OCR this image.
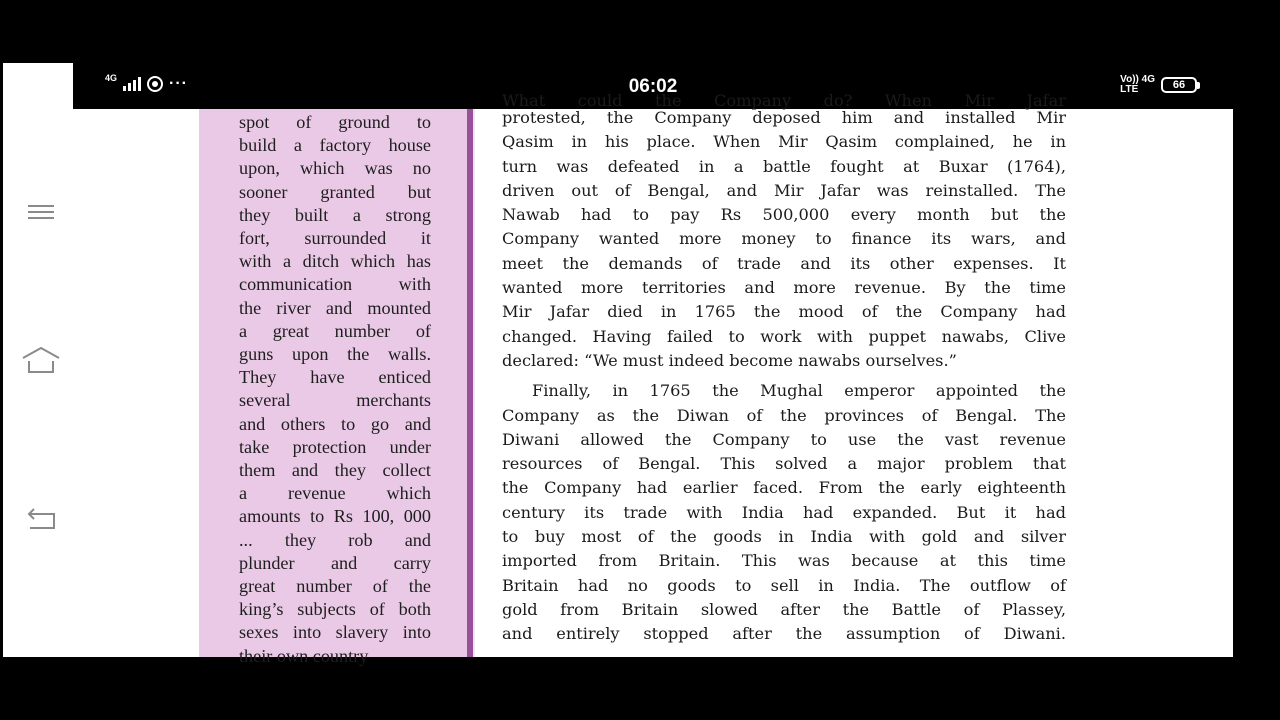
4G	···	06:02	Vo)) 4G
LTE	66
spot of ground to
build a factory house
upon, which was no
sooner granted but
they built a strong
fort, surrounded it
with a ditch which has
communication with
the river and mounted
a great number of
guns upon the walls.
They have enticed
several merchants
and others to go and
take protection under
them and they collect
a revenue which
amounts to Rs 100, 000
... they rob and
plunder and carry
great number of the
king’s subjects of both
sexes into slavery into
their own country
What could the Company do? When Mir Jafar
protested, the Company deposed him and installed Mir
Qasim in his place. When Mir Qasim complained, he in
turn was defeated in a battle fought at Buxar (1764),
driven out of Bengal, and Mir Jafar was reinstalled. The
Nawab had to pay Rs 500,000 every month but the
Company wanted more money to finance its wars, and
meet the demands of trade and its other expenses. It
wanted more territories and more revenue. By the time
Mir Jafar died in 1765 the mood of the Company had
changed. Having failed to work with puppet nawabs, Clive
declared: “We must indeed become nawabs ourselves.”
Finally, in 1765 the Mughal emperor appointed the
Company as the Diwan of the provinces of Bengal. The
Diwani allowed the Company to use the vast revenue
resources of Bengal. This solved a major problem that
the Company had earlier faced. From the early eighteenth
century its trade with India had expanded. But it had
to buy most of the goods in India with gold and silver
imported from Britain. This was because at this time
Britain had no goods to sell in India. The outflow of
gold from Britain slowed after the Battle of Plassey,
and entirely stopped after the assumption of Diwani.
